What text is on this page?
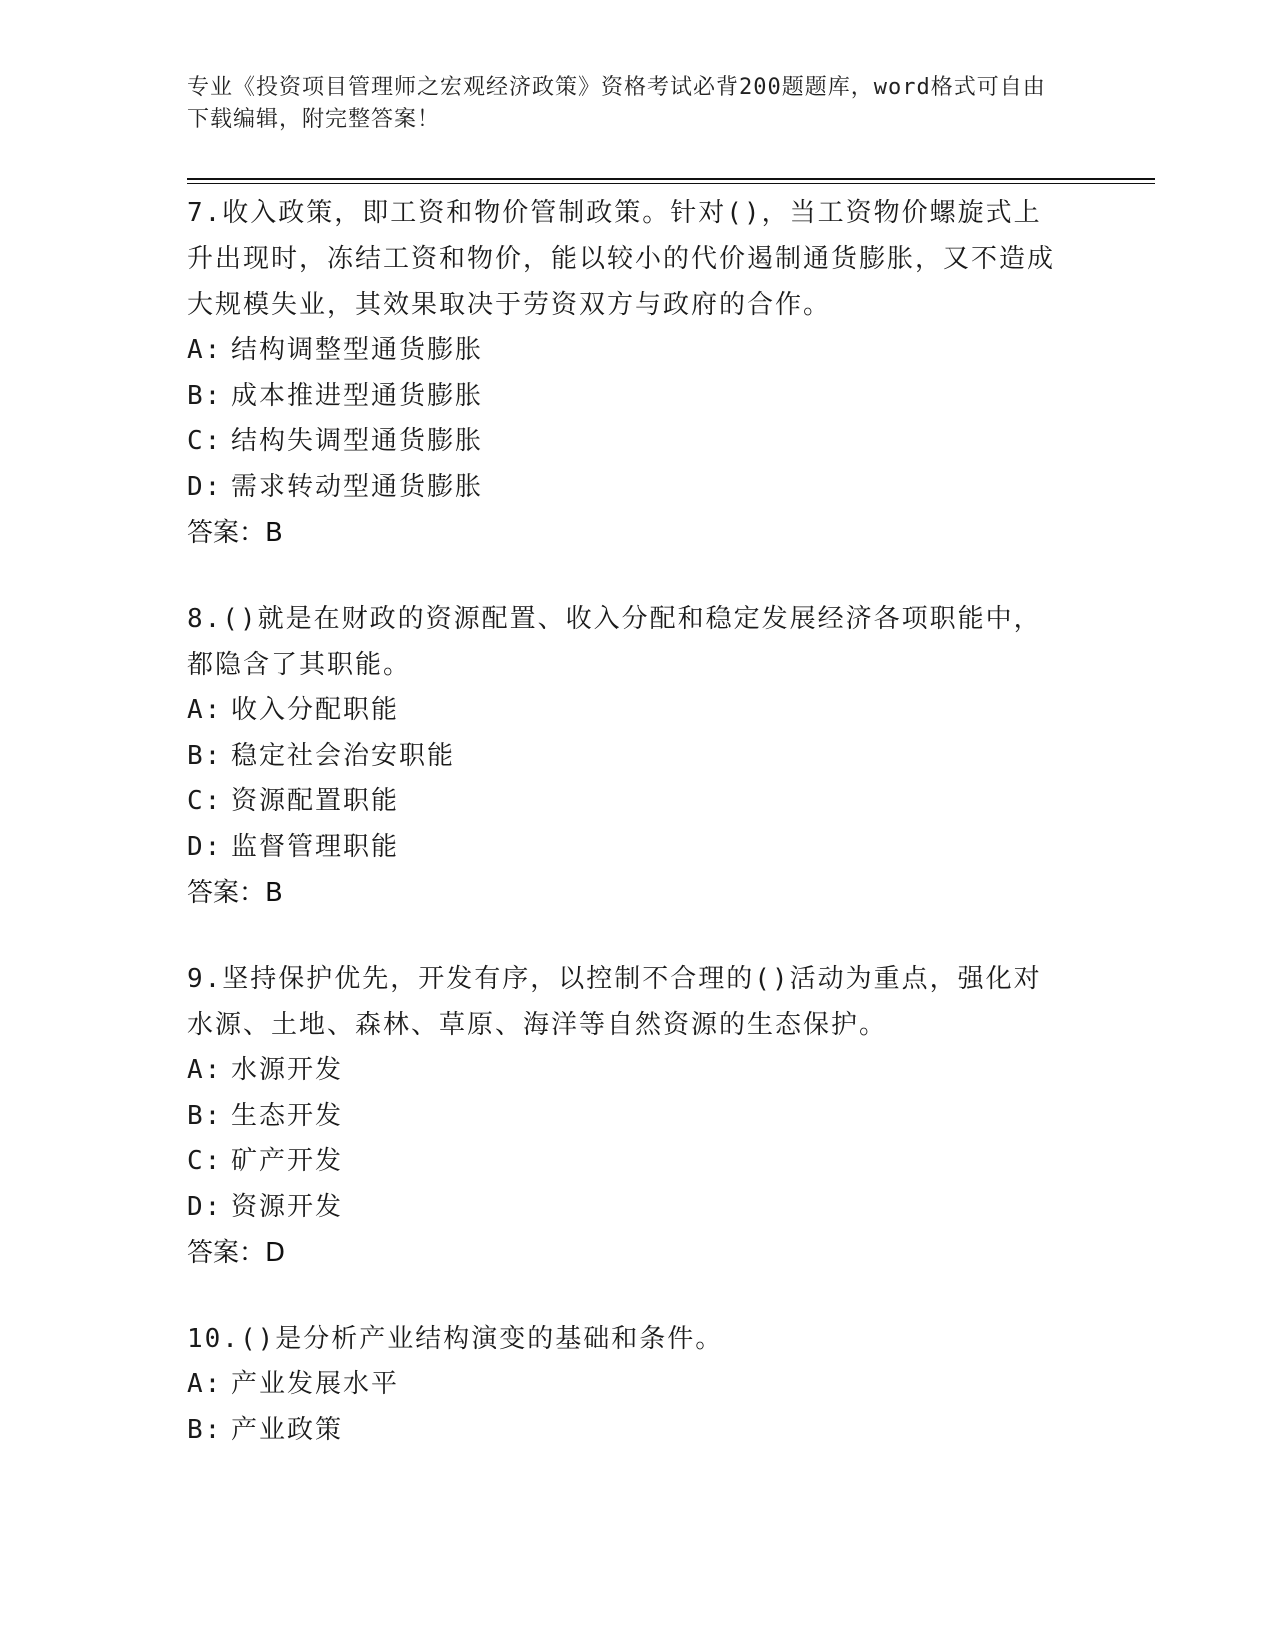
专业《投资项目管理师之宏观经济政策》资格考试必背200题题库，word格式可自由下载编辑，附完整答案！

7.收入政策，即工资和物价管制政策。针对()，当工资物价螺旋式上升出现时，冻结工资和物价，能以较小的代价遏制通货膨胀，又不造成大规模失业，其效果取决于劳资双方与政府的合作。

A: 结构调整型通货膨胀

B: 成本推进型通货膨胀

C: 结构失调型通货膨胀

D: 需求转动型通货膨胀

答案：B

8.()就是在财政的资源配置、收入分配和稳定发展经济各项职能中，都隐含了其职能。

A: 收入分配职能

B: 稳定社会治安职能

C: 资源配置职能

D: 监督管理职能

答案：B

9.坚持保护优先，开发有序，以控制不合理的()活动为重点，强化对水源、土地、森林、草原、海洋等自然资源的生态保护。

A: 水源开发

B: 生态开发

C: 矿产开发

D: 资源开发

答案：D

10.()是分析产业结构演变的基础和条件。

A: 产业发展水平

B: 产业政策
